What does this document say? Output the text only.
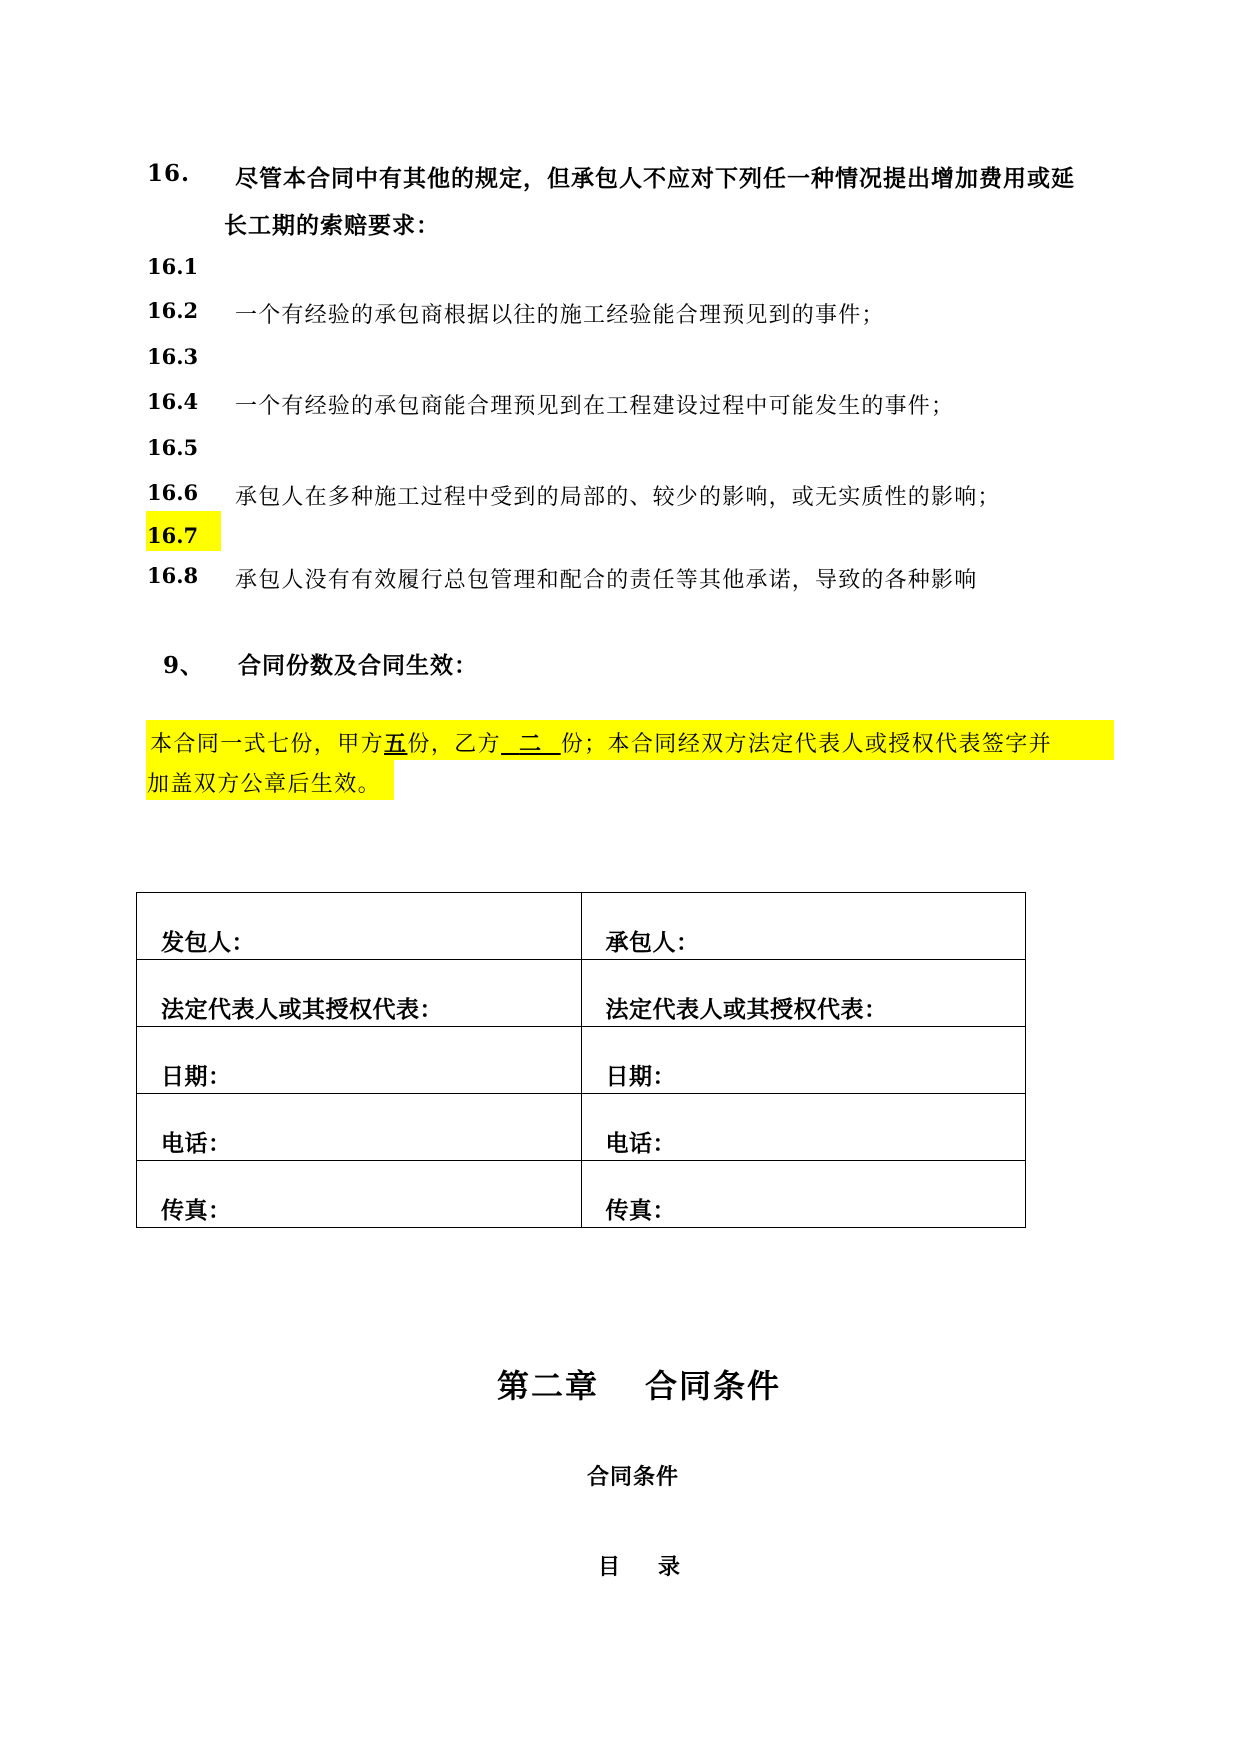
16. 尽管本合同中有其他的规定，但承包人不应对下列任一种情况提出增加费用或延
长工期的索赔要求：
16.1
16.2 一个有经验的承包商根据以往的施工经验能合理预见到的事件；
16.3
16.4 一个有经验的承包商能合理预见到在工程建设过程中可能发生的事件；
16.5
16.6 承包人在多种施工过程中受到的局部的、较少的影响，或无实质性的影响；
16.7
16.8 承包人没有有效履行总包管理和配合的责任等其他承诺，导致的各种影响
9、 合同份数及合同生效：
本合同一式七份，甲方五份，乙方 二 份；本合同经双方法定代表人或授权代表签字并
加盖双方公章后生效。
发包人：	承包人：
法定代表人或其授权代表：	法定代表人或其授权代表：
日期：	日期：
电话：	电话：
传真：	传真：
第二章 合同条件
合同条件
目　录
